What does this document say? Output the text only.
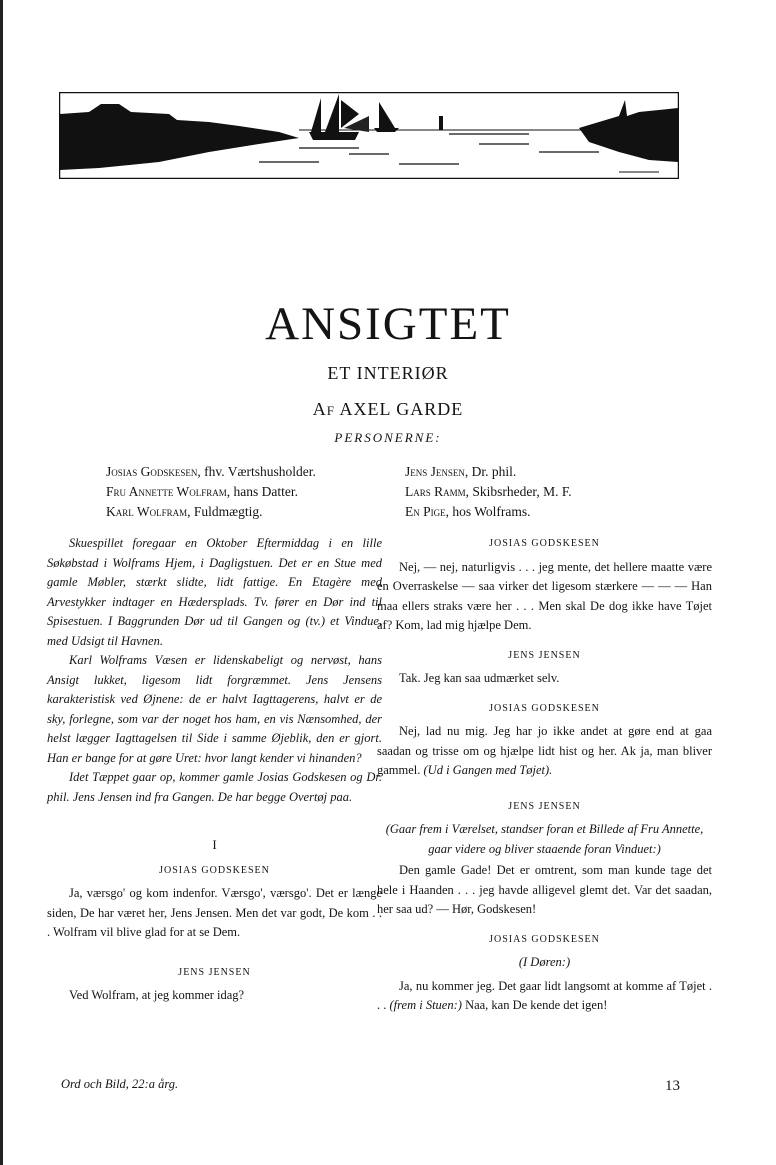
ANSIGTET
ET INTERIØR
Af AXEL GARDE
PERSONERNE:
Josias Godskesen, fhv. Værtshusholder.
Fru Annette Wolfram, hans Datter.
Karl Wolfram, Fuldmægtig.
Jens Jensen, Dr. phil.
Lars Ramm, Skibsrheder, M. F.
En Pige, hos Wolframs.
Skuespillet foregaar en Oktober Eftermiddag i en lille Søkøbstad i Wolframs Hjem, i Dagligstuen. Det er en Stue med gamle Møbler, stærkt slidte, lidt fattige. En Etagère med Arvestykker indtager en Hædersplads. Tv. fører en Dør ind til Spisestuen. I Baggrunden Dør ud til Gangen og (tv.) et Vindue, med Udsigt til Havnen.
Karl Wolframs Væsen er lidenskabeligt og nervøst, hans Ansigt lukket, ligesom lidt forgræmmet. Jens Jensens karakteristisk ved Øjnene: de er halvt Iagttagerens, halvt er de sky, forlegne, som var der noget hos ham, en vis Nænsomhed, der helst lægger Iagttagelsen til Side i samme Øjeblik, den er gjort. Han er bange for at gøre Uret: hvor langt kender vi hinanden?
Idet Tæppet gaar op, kommer gamle Josias Godskesen og Dr. phil. Jens Jensen ind fra Gangen. De har begge Overtøj paa.
I
JOSIAS GODSKESEN
Ja, værsgo' og kom indenfor. Værsgo', værsgo'. Det er længe siden, De har været her, Jens Jensen. Men det var godt, De kom . . . Wolfram vil blive glad for at se Dem.
JENS JENSEN
Ved Wolfram, at jeg kommer idag?
JOSIAS GODSKESEN
Nej, — nej, naturligvis . . . jeg mente, det hellere maatte være en Overraskelse — saa virker det ligesom stærkere — — — Han maa ellers straks være her . . . Men skal De dog ikke have Tøjet af? Kom, lad mig hjælpe Dem.
JENS JENSEN
Tak. Jeg kan saa udmærket selv.
JOSIAS GODSKESEN
Nej, lad nu mig. Jeg har jo ikke andet at gøre end at gaa saadan og trisse om og hjælpe lidt hist og her. Ak ja, man bliver gammel. (Ud i Gangen med Tøjet).
JENS JENSEN
(Gaar frem i Værelset, standser foran et Billede af Fru Annette, gaar videre og bliver staaende foran Vinduet:)
Den gamle Gade! Det er omtrent, som man kunde tage det hele i Haanden . . . jeg havde alligevel glemt det. Var det saadan, her saa ud? — Hør, Godskesen!
JOSIAS GODSKESEN
(I Døren:)
Ja, nu kommer jeg. Det gaar lidt langsomt at komme af Tøjet . . . (frem i Stuen:) Naa, kan De kende det igen!
Ord och Bild, 22:a årg.	13
